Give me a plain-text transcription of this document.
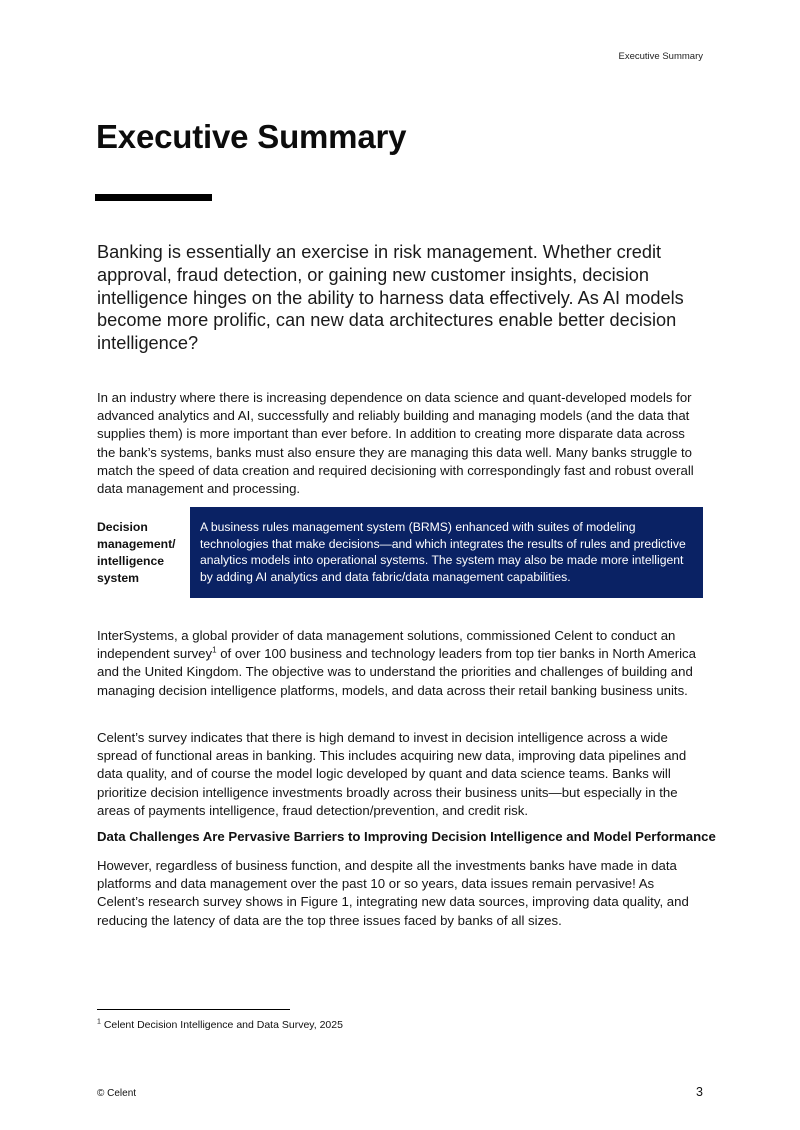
Executive Summary
Executive Summary

Banking is essentially an exercise in risk management. Whether credit approval, fraud detection, or gaining new customer insights, decision intelligence hinges on the ability to harness data effectively. As AI models become more prolific, can new data architectures enable better decision intelligence?

In an industry where there is increasing dependence on data science and quant-developed models for advanced analytics and AI, successfully and reliably building and managing models (and the data that supplies them) is more important than ever before. In addition to creating more disparate data across the bank’s systems, banks must also ensure they are managing this data well. Many banks struggle to match the speed of data creation and required decisioning with correspondingly fast and robust overall data management and processing.

Decision management/ intelligence system
A business rules management system (BRMS) enhanced with suites of modeling technologies that make decisions—and which integrates the results of rules and predictive analytics models into operational systems. The system may also be made more intelligent by adding AI analytics and data fabric/data management capabilities.

InterSystems, a global provider of data management solutions, commissioned Celent to conduct an independent survey$^1$ of over 100 business and technology leaders from top tier banks in North America and the United Kingdom. The objective was to understand the priorities and challenges of building and managing decision intelligence platforms, models, and data across their retail banking business units.

Celent’s survey indicates that there is high demand to invest in decision intelligence across a wide spread of functional areas in banking. This includes acquiring new data, improving data pipelines and data quality, and of course the model logic developed by quant and data science teams. Banks will prioritize decision intelligence investments broadly across their business units—but especially in the areas of payments intelligence, fraud detection/prevention, and credit risk.

Data Challenges Are Pervasive Barriers to Improving Decision Intelligence and Model Performance

However, regardless of business function, and despite all the investments banks have made in data platforms and data management over the past 10 or so years, data issues remain pervasive! As Celent’s research survey shows in Figure 1, integrating new data sources, improving data quality, and reducing the latency of data are the top three issues faced by banks of all sizes.

$^1$ Celent Decision Intelligence and Data Survey, 2025
© Celent	3
